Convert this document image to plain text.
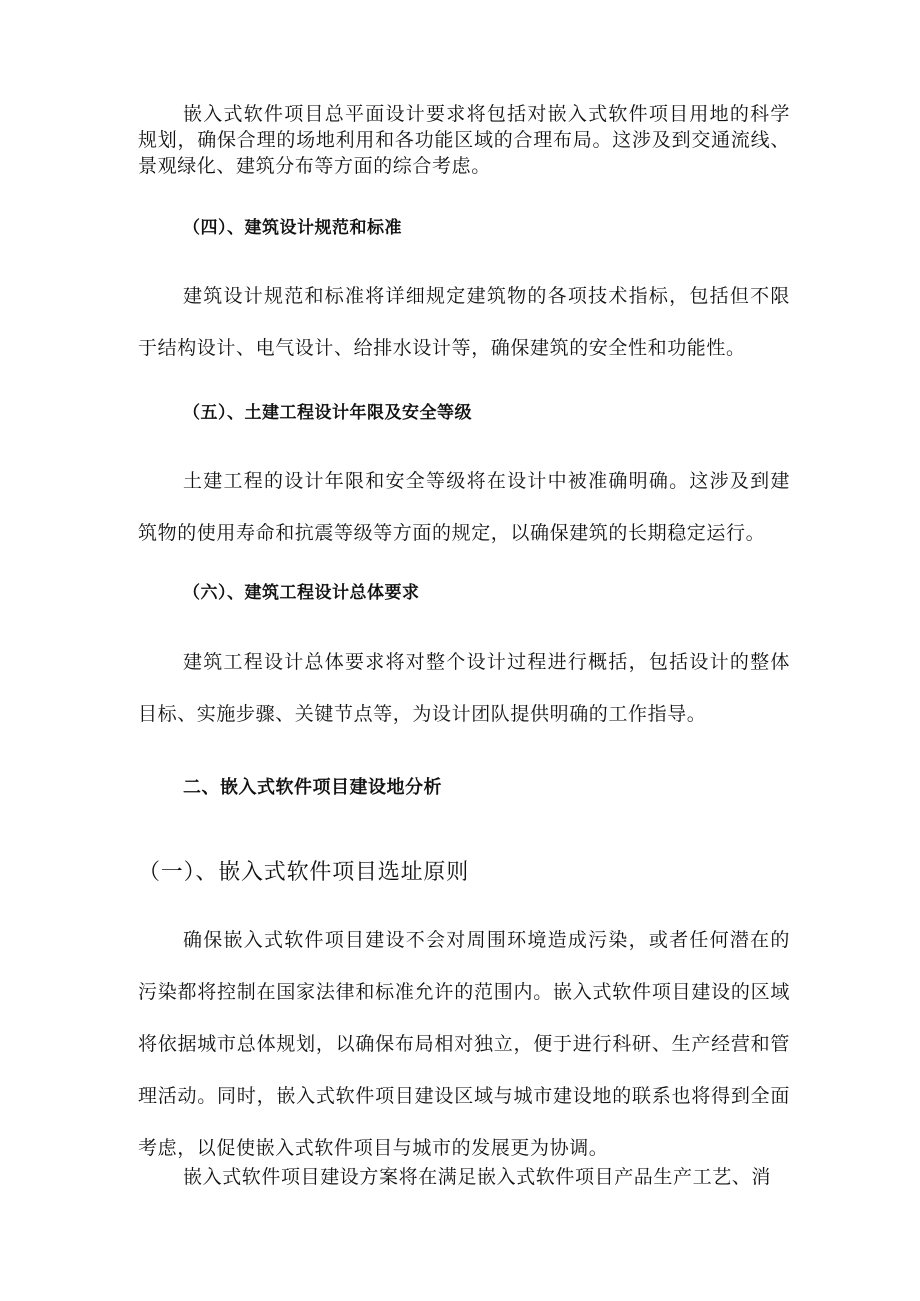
嵌入式软件项目总平面设计要求将包括对嵌入式软件项目用地的科学规划，确保合理的场地利用和各功能区域的合理布局。这涉及到交通流线、景观绿化、建筑分布等方面的综合考虑。

（四）、建筑设计规范和标准

建筑设计规范和标准将详细规定建筑物的各项技术指标，包括但不限于结构设计、电气设计、给排水设计等，确保建筑的安全性和功能性。

（五）、土建工程设计年限及安全等级

土建工程的设计年限和安全等级将在设计中被准确明确。这涉及到建筑物的使用寿命和抗震等级等方面的规定，以确保建筑的长期稳定运行。

（六）、建筑工程设计总体要求

建筑工程设计总体要求将对整个设计过程进行概括，包括设计的整体目标、实施步骤、关键节点等，为设计团队提供明确的工作指导。

二、嵌入式软件项目建设地分析
（一）、嵌入式软件项目选址原则

确保嵌入式软件项目建设不会对周围环境造成污染，或者任何潜在的污染都将控制在国家法律和标准允许的范围内。嵌入式软件项目建设的区域将依据城市总体规划，以确保布局相对独立，便于进行科研、生产经营和管理活动。同时，嵌入式软件项目建设区域与城市建设地的联系也将得到全面考虑，以促使嵌入式软件项目与城市的发展更为协调。

嵌入式软件项目建设方案将在满足嵌入式软件项目产品生产工艺、消
